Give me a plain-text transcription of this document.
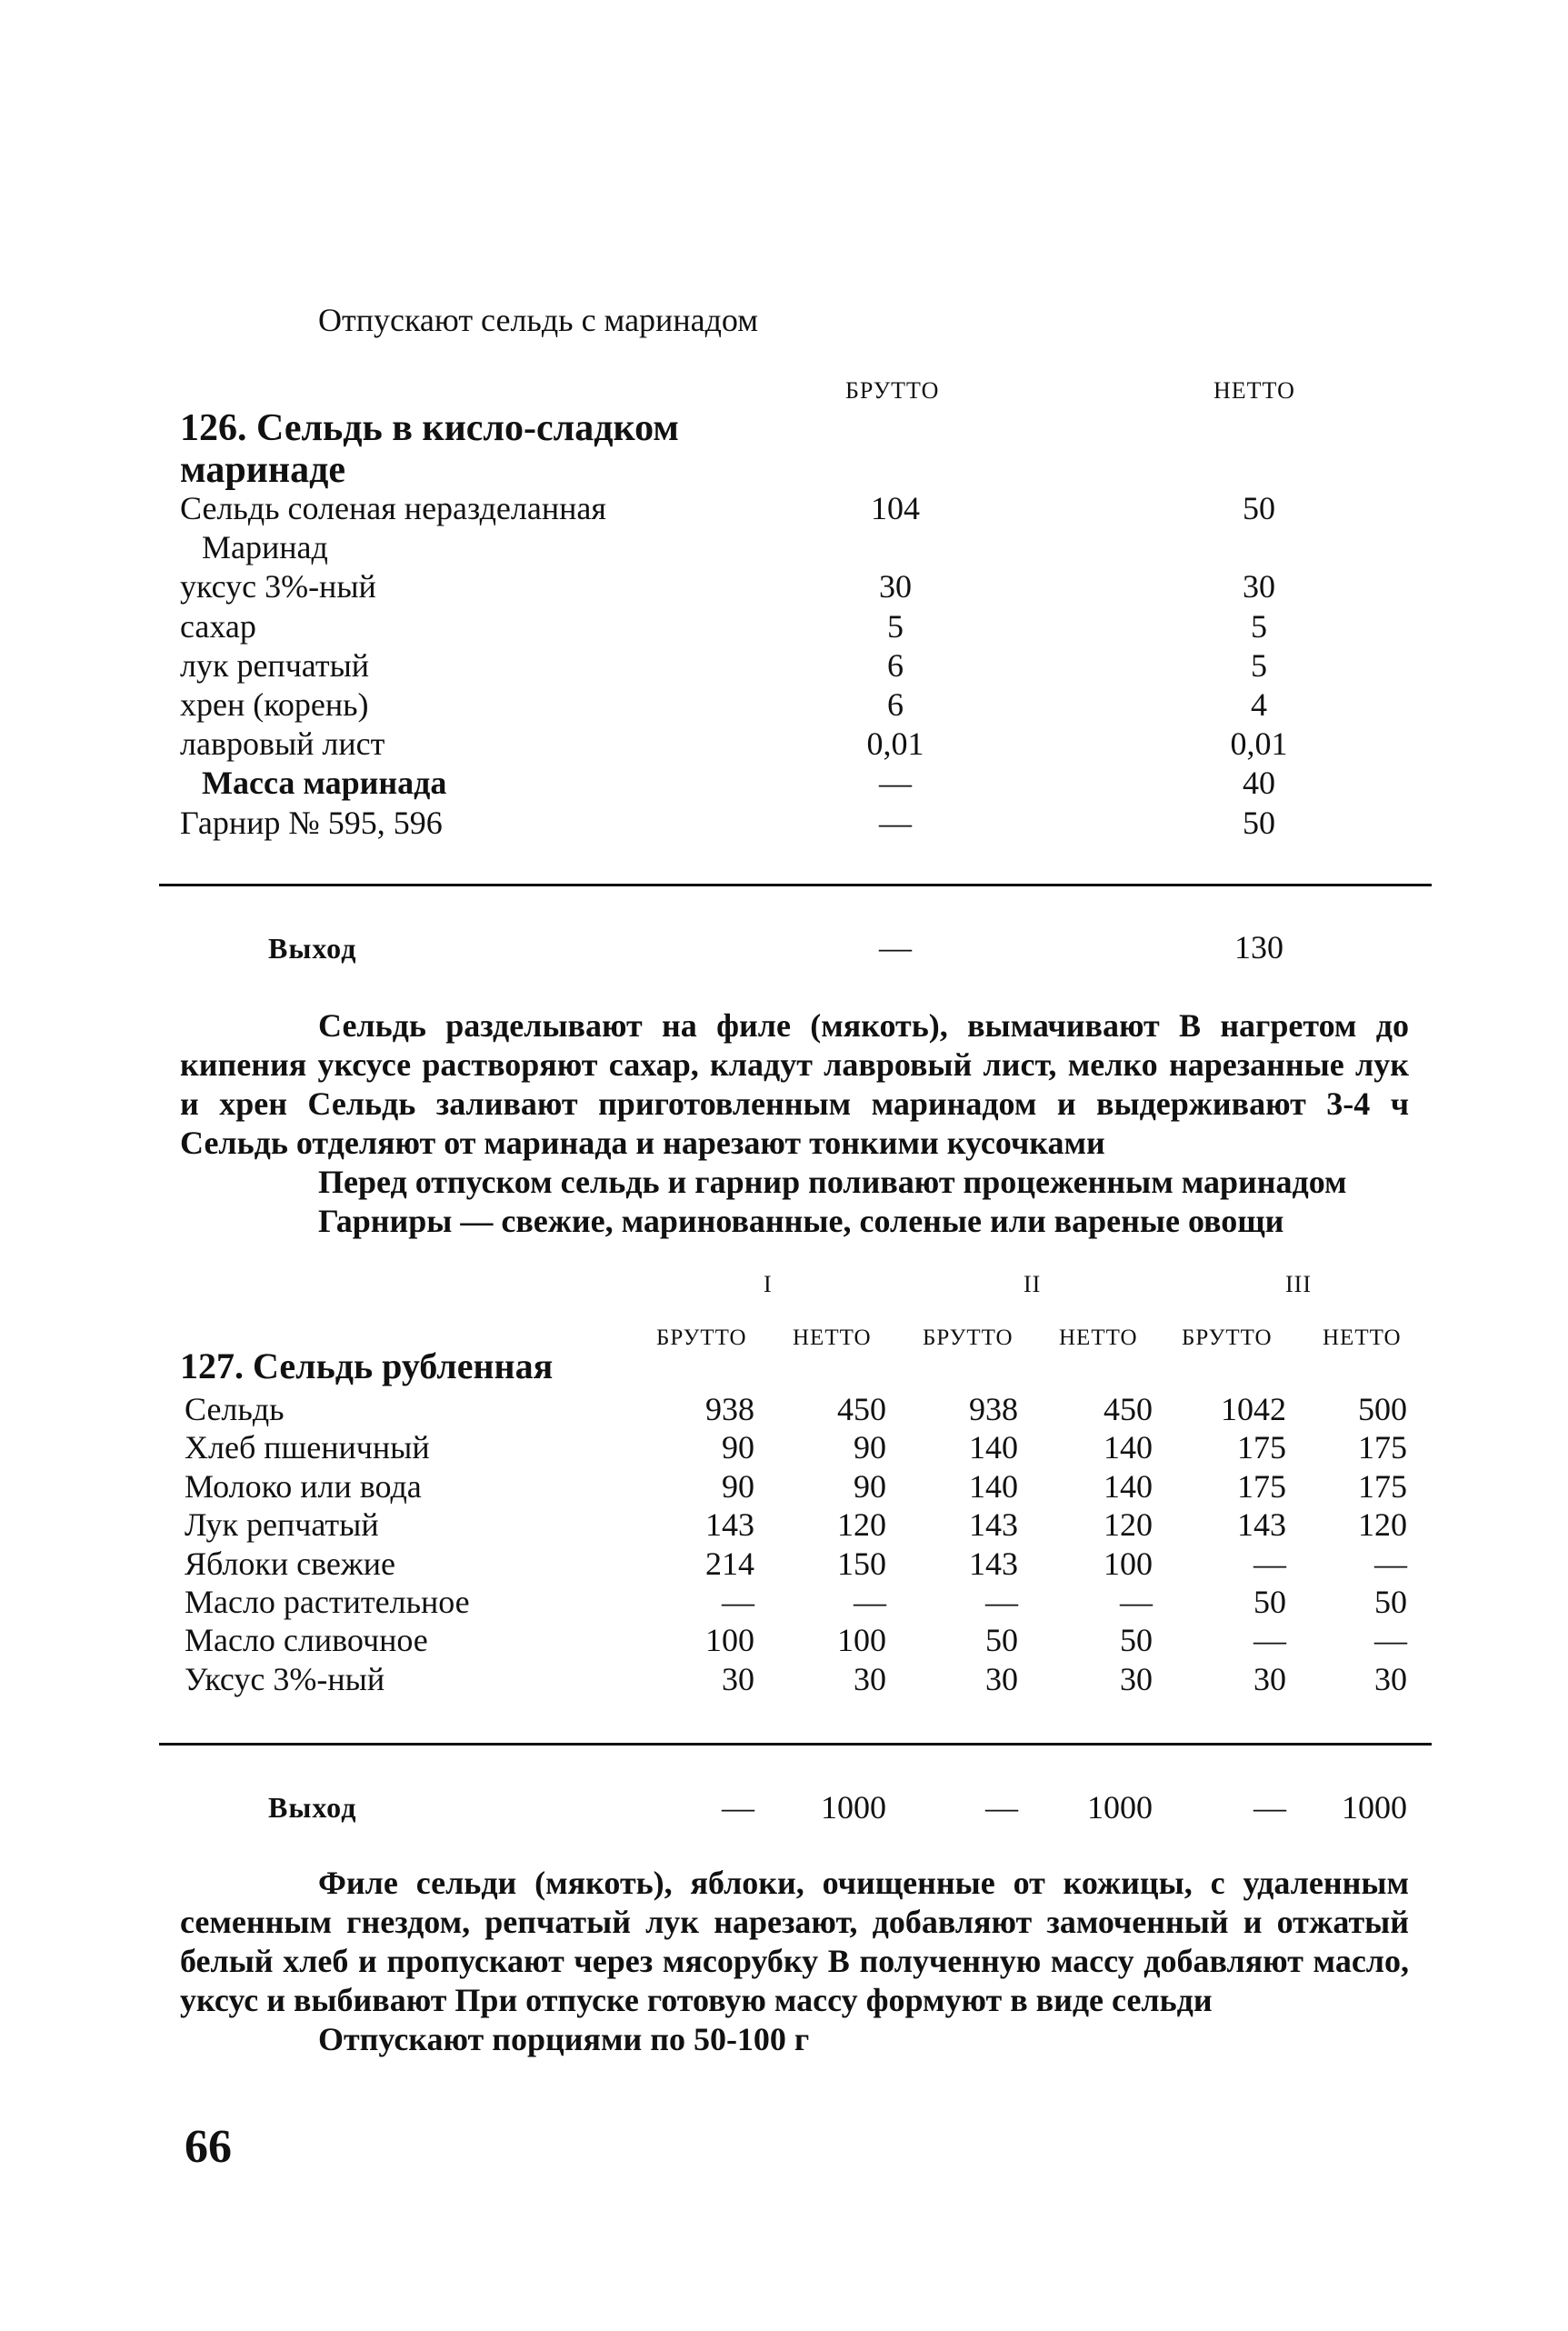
Отпускают сельдь с маринадом
БРУТТО	НЕТТО
126. Сельдь в кисло-сладком
маринаде
Сельдь соленая неразделанная	104	50
Маринад
уксус 3%-ный	30	30
сахар	5	5
лук репчатый	6	5
хрен (корень)	6	4
лавровый лист	0,01	0,01
Масса маринада	—	40
Гарнир № 595, 596	—	50
Выход	—	130

Сельдь разделывают на филе (мякоть), вымачивают В нагретом до кипения уксусе растворяют сахар, кладут лавровый лист, мелко нарезанные лук и хрен Сельдь заливают приготовленным маринадом и выдерживают 3-4 ч Сельдь отделяют от маринада и нарезают тонкими кусочками

Перед отпуском сельдь и гарнир поливают процеженным маринадом

Гарниры — свежие, маринованные, соленые или вареные овощи

I	II	III
БРУТТО НЕТТО БРУТТО НЕТТО БРУТТО НЕТТО
127. Сельдь рубленная
Сельдь	938	450	938	450	1042	500
Хлеб пшеничный	90	90	140	140	175	175
Молоко или вода	90	90	140	140	175	175
Лук репчатый	143	120	143	120	143	120
Яблоки свежие	214	150	143	100	—	—
Масло растительное	—	—	—	—	50	50
Масло сливочное	100	100	50	50	—	—
Уксус 3%-ный	30	30	30	30	30	30
Выход	—	1000	—	1000	—	1000

Филе сельди (мякоть), яблоки, очищенные от кожицы, с удаленным семенным гнездом, репчатый лук нарезают, добавляют замоченный и отжатый белый хлеб и пропускают через мясорубку В полученную массу добавляют масло, уксус и выбивают При отпуске готовую массу формуют в виде сельди

Отпускают порциями по 50-100 г

66
